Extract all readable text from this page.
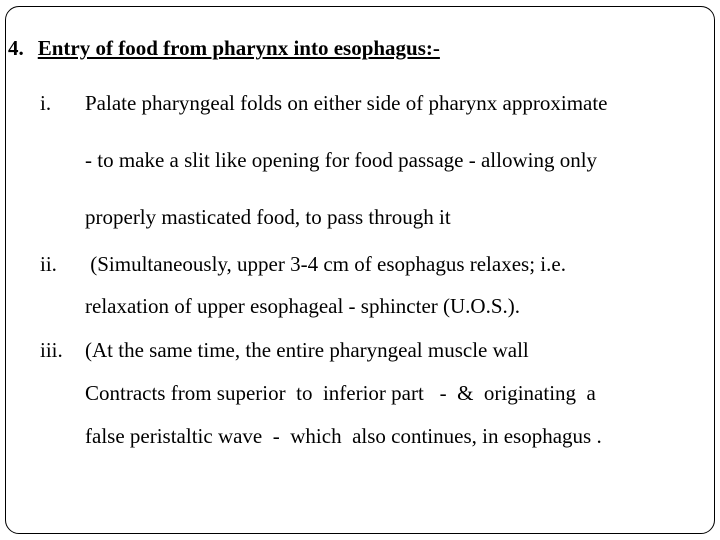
4. Entry of food from pharynx into esophagus:-
i. Palate pharyngeal folds on either side of pharynx approximate
- to make a slit like opening for food passage - allowing only
properly masticated food, to pass through it
ii. (Simultaneously, upper 3-4 cm of esophagus relaxes; i.e.
relaxation of upper esophageal - sphincter (U.O.S.).
iii. (At the same time, the entire pharyngeal muscle wall
Contracts from superior  to  inferior part   -  &  originating  a
false peristaltic wave  -  which  also continues, in esophagus .
